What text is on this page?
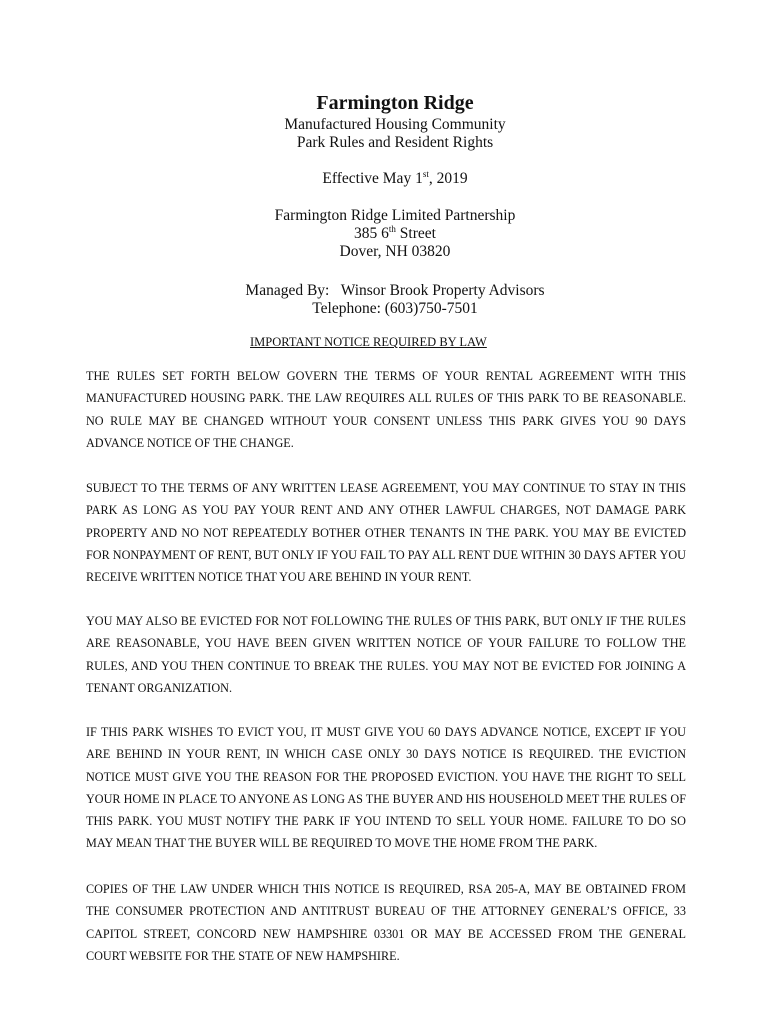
Farmington Ridge
Manufactured Housing Community
Park Rules and Resident Rights
Effective May 1st, 2019
Farmington Ridge Limited Partnership
385 6th Street
Dover, NH 03820
Managed By:   Winsor Brook Property Advisors
Telephone: (603)750-7501
IMPORTANT NOTICE REQUIRED BY LAW

THE RULES SET FORTH BELOW GOVERN THE TERMS OF YOUR RENTAL AGREEMENT WITH THIS MANUFACTURED HOUSING PARK. THE LAW REQUIRES ALL RULES OF THIS PARK TO BE REASONABLE. NO RULE MAY BE CHANGED WITHOUT YOUR CONSENT UNLESS THIS PARK GIVES YOU 90 DAYS ADVANCE NOTICE OF THE CHANGE.

SUBJECT TO THE TERMS OF ANY WRITTEN LEASE AGREEMENT, YOU MAY CONTINUE TO STAY IN THIS PARK AS LONG AS YOU PAY YOUR RENT AND ANY OTHER LAWFUL CHARGES, NOT DAMAGE PARK PROPERTY AND NO NOT REPEATEDLY BOTHER OTHER TENANTS IN THE PARK. YOU MAY BE EVICTED FOR NONPAYMENT OF RENT, BUT ONLY IF YOU FAIL TO PAY ALL RENT DUE WITHIN 30 DAYS AFTER YOU RECEIVE WRITTEN NOTICE THAT YOU ARE BEHIND IN YOUR RENT.

YOU MAY ALSO BE EVICTED FOR NOT FOLLOWING THE RULES OF THIS PARK, BUT ONLY IF THE RULES ARE REASONABLE, YOU HAVE BEEN GIVEN WRITTEN NOTICE OF YOUR FAILURE TO FOLLOW THE RULES, AND YOU THEN CONTINUE TO BREAK THE RULES. YOU MAY NOT BE EVICTED FOR JOINING A TENANT ORGANIZATION.

IF THIS PARK WISHES TO EVICT YOU, IT MUST GIVE YOU 60 DAYS ADVANCE NOTICE, EXCEPT IF YOU ARE BEHIND IN YOUR RENT, IN WHICH CASE ONLY 30 DAYS NOTICE IS REQUIRED. THE EVICTION NOTICE MUST GIVE YOU THE REASON FOR THE PROPOSED EVICTION. YOU HAVE THE RIGHT TO SELL YOUR HOME IN PLACE TO ANYONE AS LONG AS THE BUYER AND HIS HOUSEHOLD MEET THE RULES OF THIS PARK. YOU MUST NOTIFY THE PARK IF YOU INTEND TO SELL YOUR HOME. FAILURE TO DO SO MAY MEAN THAT THE BUYER WILL BE REQUIRED TO MOVE THE HOME FROM THE PARK.

COPIES OF THE LAW UNDER WHICH THIS NOTICE IS REQUIRED, RSA 205-A, MAY BE OBTAINED FROM THE CONSUMER PROTECTION AND ANTITRUST BUREAU OF THE ATTORNEY GENERAL’S OFFICE, 33 CAPITOL STREET, CONCORD NEW HAMPSHIRE 03301 OR MAY BE ACCESSED FROM THE GENERAL COURT WEBSITE FOR THE STATE OF NEW HAMPSHIRE.
